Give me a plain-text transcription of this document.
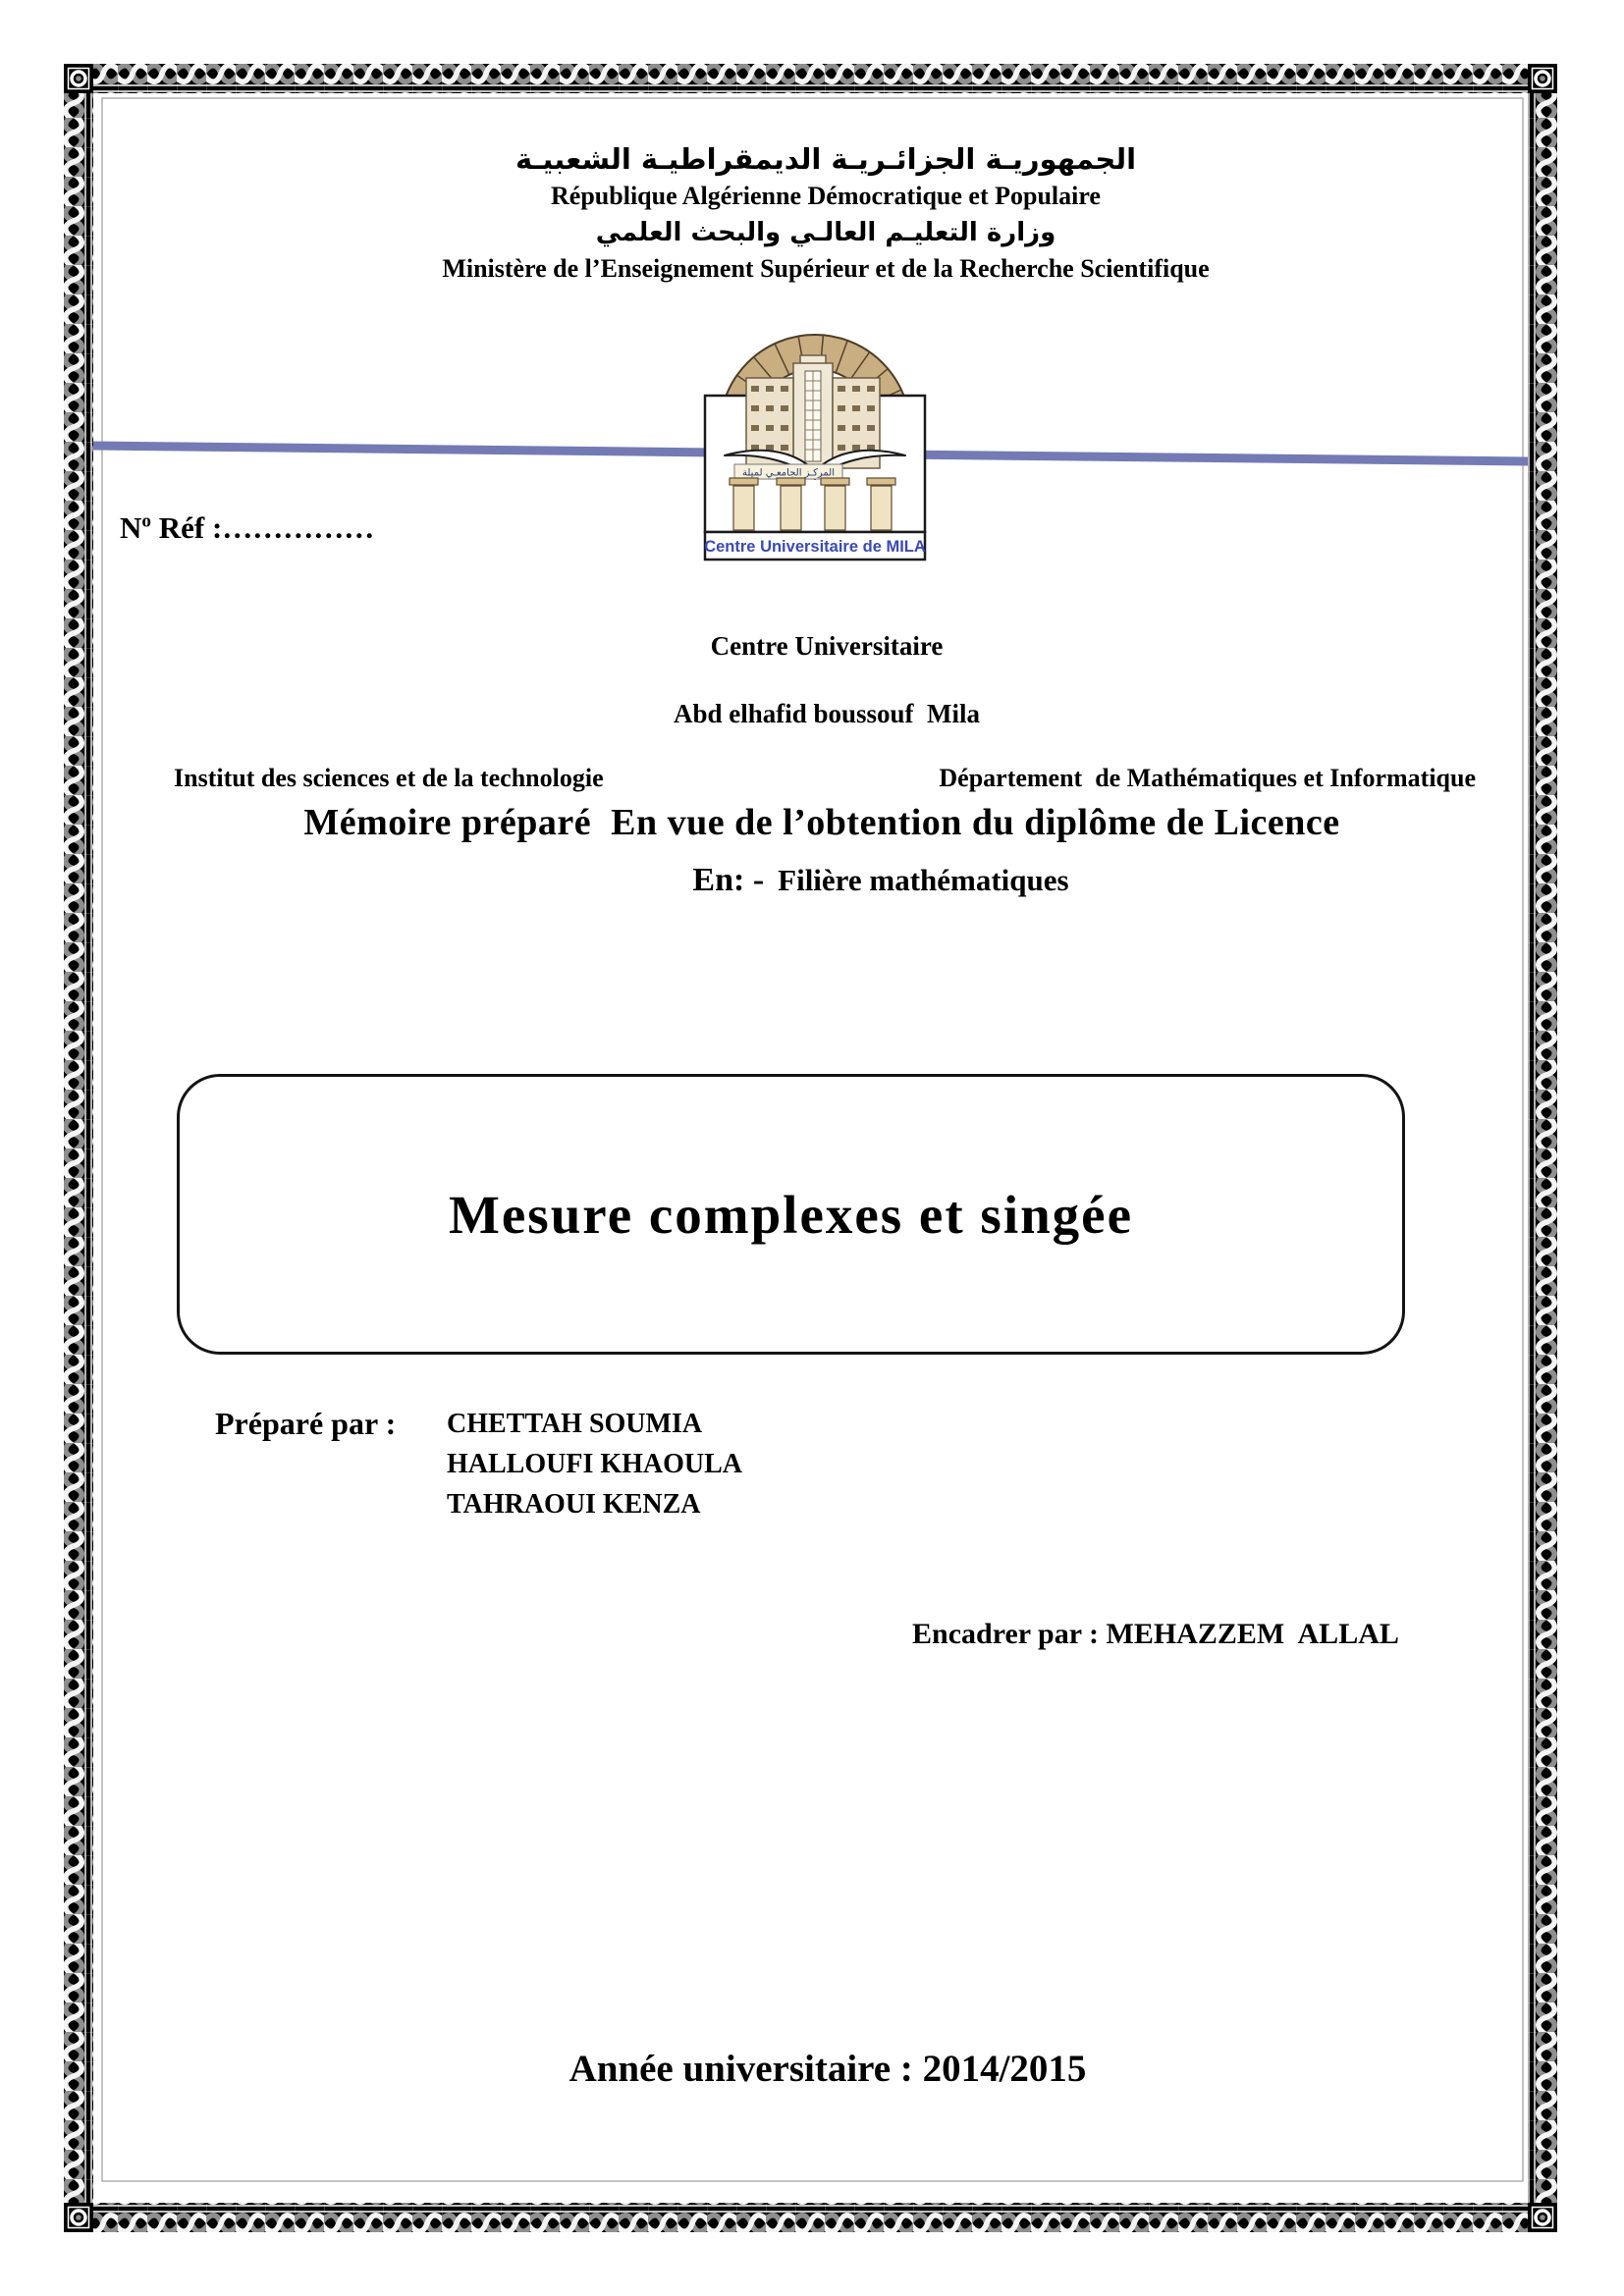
الجمهوريـة الجزائـريـة الديمقراطيـة الشعبيـة
République Algérienne Démocratique et Populaire
وزارة التعليـم العالـي والبحث العلمي
Ministère de l’Enseignement Supérieur et de la Recherche Scientifique
المركـز الجامعـي لميلة
Centre Universitaire de MILA
$N^o$ Réf :……………
Centre Universitaire
Abd elhafid boussouf  Mila
Institut des sciences et de la technologie	Département  de Mathématiques et Informatique
Mémoire préparé  En vue de l’obtention du diplôme de Licence
En: - Filière mathématiques
Mesure complexes et singée
Préparé par :	CHETTAH SOUMIA
HALLOUFI KHAOULA
TAHRAOUI KENZA
Encadrer par : MEHAZZEM  ALLAL
Année universitaire : 2014/2015
